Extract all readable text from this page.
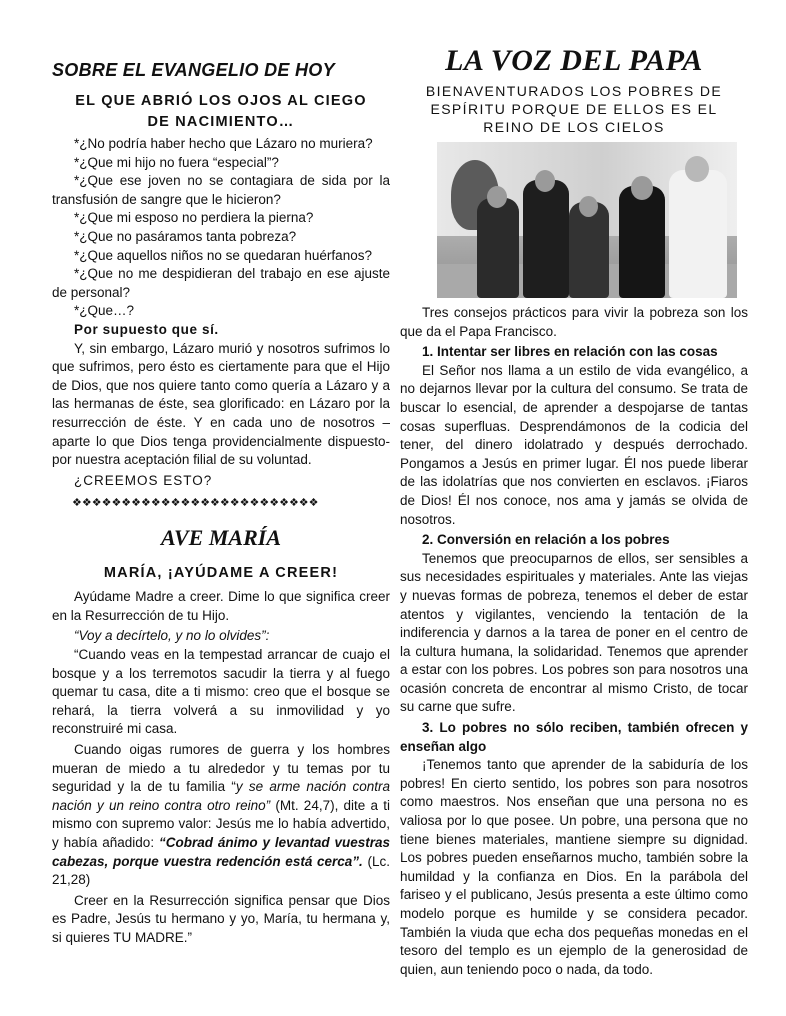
SOBRE EL EVANGELIO DE HOY
EL QUE ABRIÓ LOS OJOS AL CIEGO
DE NACIMIENTO…

*¿No podría haber hecho que Lázaro no muriera?

*¿Que mi hijo no fuera “especial”?

*¿Que ese joven no se contagiara de sida por la transfusión de sangre que le hicieron?

*¿Que mi esposo no perdiera la pierna?

*¿Que no pasáramos tanta pobreza?

*¿Que aquellos niños no se quedaran huérfanos?

*¿Que no me despidieran del trabajo en ese ajuste de personal?

*¿Que…?

Por supuesto que sí.

Y, sin embargo, Lázaro murió y nosotros sufrimos lo que sufrimos, pero ésto es ciertamente para que el Hijo de Dios, que nos quiere tanto como quería a Lázaro y a las hermanas de éste, sea glorificado: en Lázaro por la resurrección de éste. Y en cada uno de nosotros –aparte lo que Dios tenga providencialmente dispuesto- por nuestra aceptación filial de su voluntad.

¿CREEMOS ESTO?

❖❖❖❖❖❖❖❖❖❖❖❖❖❖❖❖❖❖❖❖❖❖❖❖❖
AVE MARÍA
MARÍA, ¡AYÚDAME A CREER!

Ayúdame Madre a creer. Dime lo que significa creer en la Resurrección de tu Hijo.

“Voy a decírtelo, y no lo olvides”:

“Cuando veas en la tempestad arrancar de cuajo el bosque y a los terremotos sacudir la tierra y al fuego quemar tu casa, dite a ti mismo: creo que el bosque se rehará, la tierra volverá a su inmovilidad y yo reconstruiré mi casa.

Cuando oigas rumores de guerra y los hombres mueran de miedo a tu alrededor y tu temas por tu seguridad y la de tu familia “y se arme nación contra nación y un reino contra otro reino” (Mt. 24,7), dite a ti mismo con supremo valor: Jesús me lo había advertido, y había añadido: “Cobrad ánimo y levantad vuestras cabezas, porque vuestra redención está cerca”. (Lc. 21,28)

Creer en la Resurrección significa pensar que Dios es Padre, Jesús tu hermano y yo, María, tu hermana y, si quieres TU MADRE.”

LA VOZ DEL PAPA
BIENAVENTURADOS LOS POBRES DE
ESPÍRITU PORQUE DE ELLOS ES EL
REINO DE LOS CIELOS

Tres consejos prácticos para vivir la pobreza son los que da el Papa Francisco.

1. Intentar ser libres en relación con las cosas

El Señor nos llama a un estilo de vida evangélico, a no dejarnos llevar por la cultura del consumo. Se trata de buscar lo esencial, de aprender a despojarse de tantas cosas superfluas. Desprendámonos de la codicia del tener, del dinero idolatrado y después derrochado. Pongamos a Jesús en primer lugar. Él nos puede liberar de las idolatrías que nos convierten en esclavos. ¡Fiaros de Dios! Él nos conoce, nos ama y jamás se olvida de nosotros.

2. Conversión en relación a los pobres

Tenemos que preocuparnos de ellos, ser sensibles a sus necesidades espirituales y materiales. Ante las viejas y nuevas formas de pobreza, tenemos el deber de estar atentos y vigilantes, venciendo la tentación de la indiferencia y darnos a la tarea de poner en el centro de la cultura humana, la solidaridad. Tenemos que aprender a estar con los pobres. Los pobres son para nosotros una ocasión concreta de encontrar al mismo Cristo, de tocar su carne que sufre.

3. Lo pobres no sólo reciben, también ofrecen y enseñan algo

¡Tenemos tanto que aprender de la sabiduría de los pobres! En cierto sentido, los pobres son para nosotros como maestros. Nos enseñan que una persona no es valiosa por lo que posee. Un pobre, una persona que no tiene bienes materiales, mantiene siempre su dignidad. Los pobres pueden enseñarnos mucho, también sobre la humildad y la confianza en Dios. En la parábola del fariseo y el publicano, Jesús presenta a este último como modelo porque es humilde y se considera pecador. También la viuda que echa dos pequeñas monedas en el tesoro del templo es un ejemplo de la generosidad de quien, aun teniendo poco o nada, da todo.
